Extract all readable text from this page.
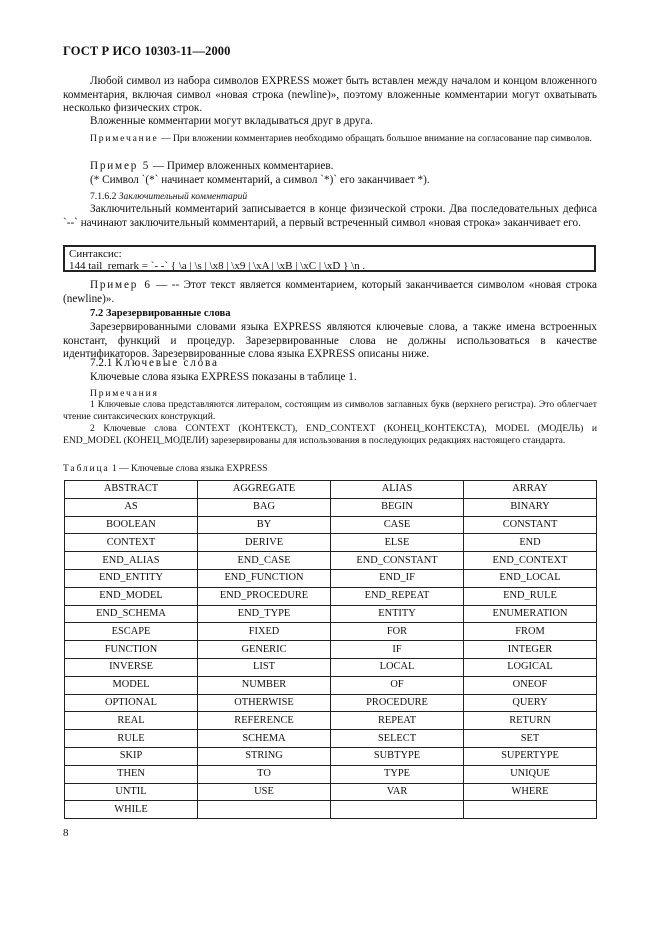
ГОСТ Р ИСО 10303-11—2000
Любой символ из набора символов EXPRESS может быть вставлен между началом и концом вложенного комментария, включая символ «новая строка (newline)», поэтому вложенные комментарии могут охватывать несколько физических строк.
Вложенные комментарии могут вкладываться друг в друга.
Примечание — При вложении комментариев необходимо обращать большое внимание на согласование пар символов.
Пример 5 — Пример вложенных комментариев.
(* Символ `(*` начинает комментарий, а символ `*)` его заканчивает *).
7.1.6.2 Заключительный комментарий
Заключительный комментарий записывается в конце физической строки. Два последовательных дефиса `--` начинают заключительный комментарий, а первый встреченный символ «новая строка» заканчивает его.
Синтаксис:
144 tail_remark = `- -` { \a | \s | \x8 | \x9 | \xA | \xB | \xC | \xD } \n .
Пример 6 — -- Этот текст является комментарием, который заканчивается символом «новая строка (newline)».
7.2 Зарезервированные слова
Зарезервированными словами языка EXPRESS являются ключевые слова, а также имена встроенных констант, функций и процедур. Зарезервированные слова не должны использоваться в качестве идентификаторов. Зарезервированные слова языка EXPRESS описаны ниже.
7.2.1 Ключевые слова
Ключевые слова языка EXPRESS показаны в таблице 1.
Примечания
1 Ключевые слова представляются литералом, состоящим из символов заглавных букв (верхнего регистра). Это облегчает чтение синтаксических конструкций.
2 Ключевые слова CONTEXT (КОНТЕКСТ), END_CONTEXT (КОНЕЦ_КОНТЕКСТА), MODEL (МОДЕЛЬ) и END_MODEL (КОНЕЦ_МОДЕЛИ) зарезервированы для использования в последующих редакциях настоящего стандарта.
Таблица 1 — Ключевые слова языка EXPRESS
ABSTRACT	AGGREGATE	ALIAS	ARRAY
AS	BAG	BEGIN	BINARY
BOOLEAN	BY	CASE	CONSTANT
CONTEXT	DERIVE	ELSE	END
END_ALIAS	END_CASE	END_CONSTANT	END_CONTEXT
END_ENTITY	END_FUNCTION	END_IF	END_LOCAL
END_MODEL	END_PROCEDURE	END_REPEAT	END_RULE
END_SCHEMA	END_TYPE	ENTITY	ENUMERATION
ESCAPE	FIXED	FOR	FROM
FUNCTION	GENERIC	IF	INTEGER
INVERSE	LIST	LOCAL	LOGICAL
MODEL	NUMBER	OF	ONEOF
OPTIONAL	OTHERWISE	PROCEDURE	QUERY
REAL	REFERENCE	REPEAT	RETURN
RULE	SCHEMA	SELECT	SET
SKIP	STRING	SUBTYPE	SUPERTYPE
THEN	TO	TYPE	UNIQUE
UNTIL	USE	VAR	WHERE
WHILE			
8
